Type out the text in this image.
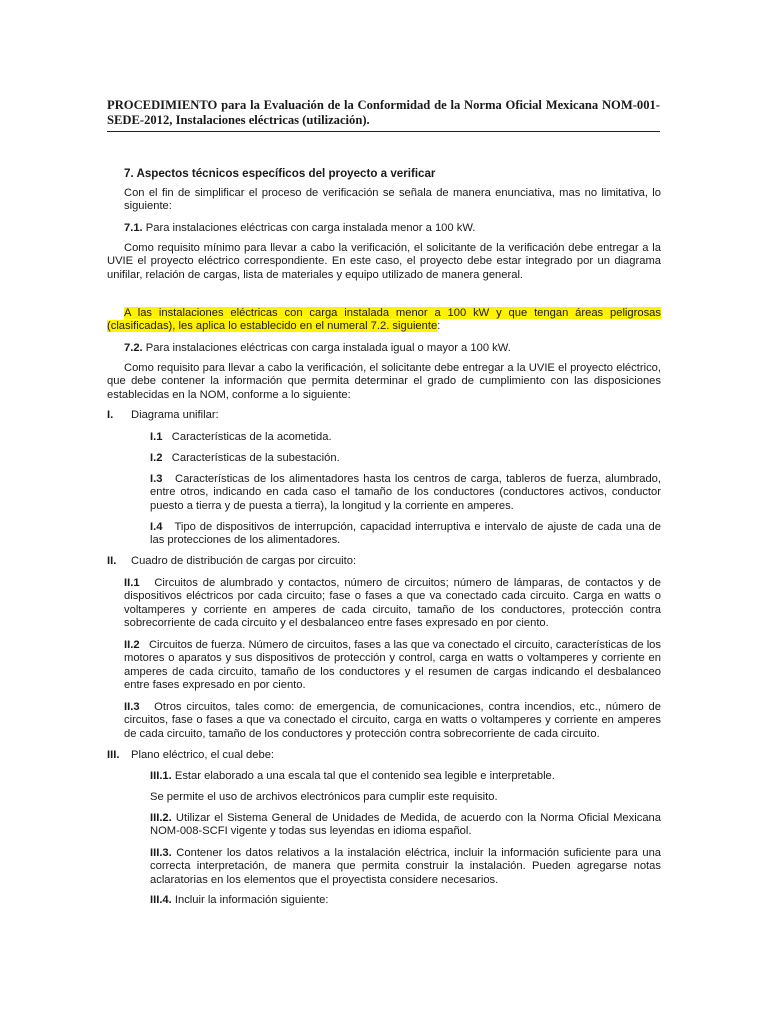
PROCEDIMIENTO para la Evaluación de la Conformidad de la Norma Oficial Mexicana NOM-001-SEDE-2012, Instalaciones eléctricas (utilización).

7. Aspectos técnicos específicos del proyecto a verificar

Con el fin de simplificar el proceso de verificación se señala de manera enunciativa, mas no limitativa, lo siguiente:

7.1. Para instalaciones eléctricas con carga instalada menor a 100 kW.

Como requisito mínimo para llevar a cabo la verificación, el solicitante de la verificación debe entregar a la UVIE el proyecto eléctrico correspondiente. En este caso, el proyecto debe estar integrado por un diagrama unifilar, relación de cargas, lista de materiales y equipo utilizado de manera general.

A las instalaciones eléctricas con carga instalada menor a 100 kW y que tengan áreas peligrosas (clasificadas), les aplica lo establecido en el numeral 7.2. siguiente:

7.2. Para instalaciones eléctricas con carga instalada igual o mayor a 100 kW.

Como requisito para llevar a cabo la verificación, el solicitante debe entregar a la UVIE el proyecto eléctrico, que debe contener la información que permita determinar el grado de cumplimiento con las disposiciones establecidas en la NOM, conforme a lo siguiente:

I. Diagrama unifilar:

I.1 Características de la acometida.

I.2 Características de la subestación.

I.3 Características de los alimentadores hasta los centros de carga, tableros de fuerza, alumbrado, entre otros, indicando en cada caso el tamaño de los conductores (conductores activos, conductor puesto a tierra y de puesta a tierra), la longitud y la corriente en amperes.

I.4 Tipo de dispositivos de interrupción, capacidad interruptiva e intervalo de ajuste de cada una de las protecciones de los alimentadores.

II. Cuadro de distribución de cargas por circuito:

II.1 Circuitos de alumbrado y contactos, número de circuitos; número de lámparas, de contactos y de dispositivos eléctricos por cada circuito; fase o fases a que va conectado cada circuito. Carga en watts o voltamperes y corriente en amperes de cada circuito, tamaño de los conductores, protección contra sobrecorriente de cada circuito y el desbalanceo entre fases expresado en por ciento.

II.2 Circuitos de fuerza. Número de circuitos, fases a las que va conectado el circuito, características de los motores o aparatos y sus dispositivos de protección y control, carga en watts o voltamperes y corriente en amperes de cada circuito, tamaño de los conductores y el resumen de cargas indicando el desbalanceo entre fases expresado en por ciento.

II.3 Otros circuitos, tales como: de emergencia, de comunicaciones, contra incendios, etc., número de circuitos, fase o fases a que va conectado el circuito, carga en watts o voltamperes y corriente en amperes de cada circuito, tamaño de los conductores y protección contra sobrecorriente de cada circuito.

III. Plano eléctrico, el cual debe:

III.1. Estar elaborado a una escala tal que el contenido sea legible e interpretable.

Se permite el uso de archivos electrónicos para cumplir este requisito.

III.2. Utilizar el Sistema General de Unidades de Medida, de acuerdo con la Norma Oficial Mexicana NOM-008-SCFI vigente y todas sus leyendas en idioma español.

III.3. Contener los datos relativos a la instalación eléctrica, incluir la información suficiente para una correcta interpretación, de manera que permita construir la instalación. Pueden agregarse notas aclaratorias en los elementos que el proyectista considere necesarios.

III.4. Incluir la información siguiente:
